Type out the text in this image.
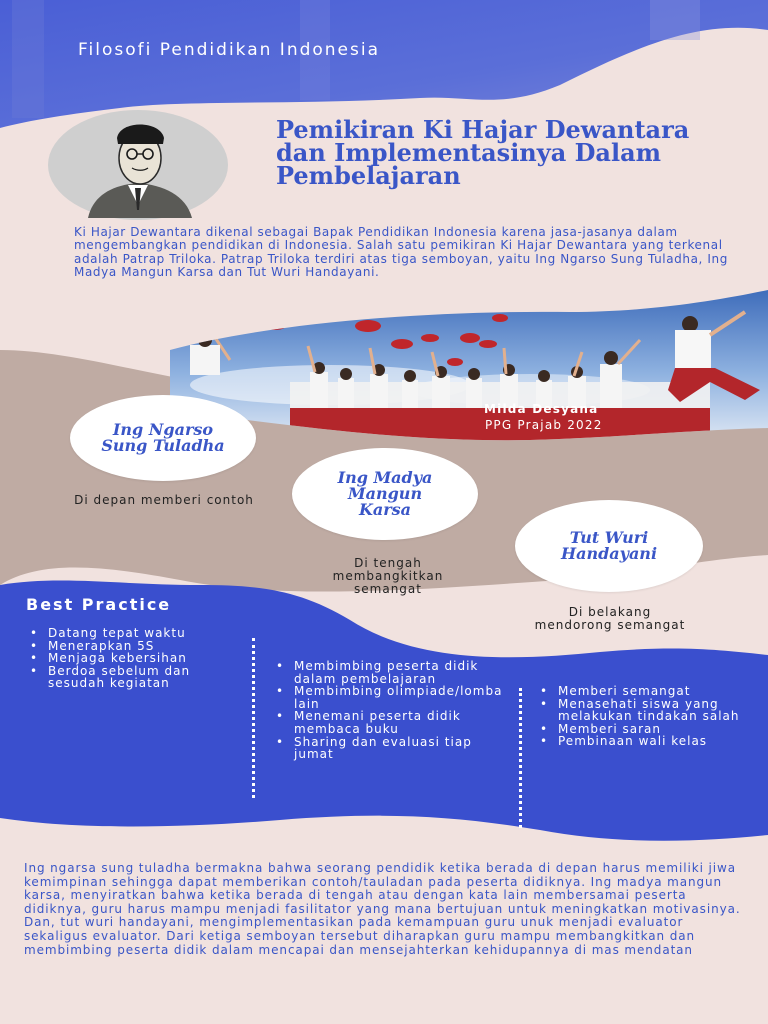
Filosofi Pendidikan Indonesia
Pemikiran Ki Hajar Dewantara dan Implementasinya Dalam Pembelajaran
Ki Hajar Dewantara dikenal sebagai Bapak Pendidikan Indonesia karena jasa-jasanya dalam mengembangkan pendidikan di Indonesia. Salah satu pemikiran Ki Hajar Dewantara yang terkenal adalah Patrap Triloka. Patrap Triloka terdiri atas tiga semboyan, yaitu Ing Ngarso Sung Tuladha, Ing Madya Mangun Karsa dan Tut Wuri Handayani.
Milda Desyana
PPG Prajab 2022
Ing Ngarso Sung Tuladha
Di depan memberi contoh
Ing Madya Mangun Karsa
Di tengah membangkitkan semangat
Tut Wuri Handayani
Di belakang mendorong semangat
Best Practice
• Datang tepat waktu
• Menerapkan 5S
• Menjaga kebersihan
• Berdoa sebelum dan sesudah kegiatan
• Membimbing peserta didik dalam pembelajaran
• Membimbing olimpiade/lomba lain
• Menemani peserta didik membaca buku
• Sharing dan evaluasi tiap jumat
• Memberi semangat
• Menasehati siswa yang melakukan tindakan salah
• Memberi saran
• Pembinaan wali kelas
Ing ngarsa sung tuladha bermakna bahwa seorang pendidik ketika berada di depan harus memiliki jiwa kemimpinan sehingga dapat memberikan contoh/tauladan pada peserta didiknya. Ing madya mangun karsa, menyiratkan bahwa ketika berada di tengah atau dengan kata lain membersamai peserta didiknya, guru harus mampu menjadi fasilitator yang mana bertujuan untuk meningkatkan motivasinya. Dan, tut wuri handayani, mengimplementasikan pada kemampuan guru unuk menjadi evaluator sekaligus evaluator. Dari ketiga semboyan tersebut diharapkan guru mampu membangkitkan dan membimbing peserta didik dalam mencapai dan mensejahterkan kehidupannya di mas mendatan
